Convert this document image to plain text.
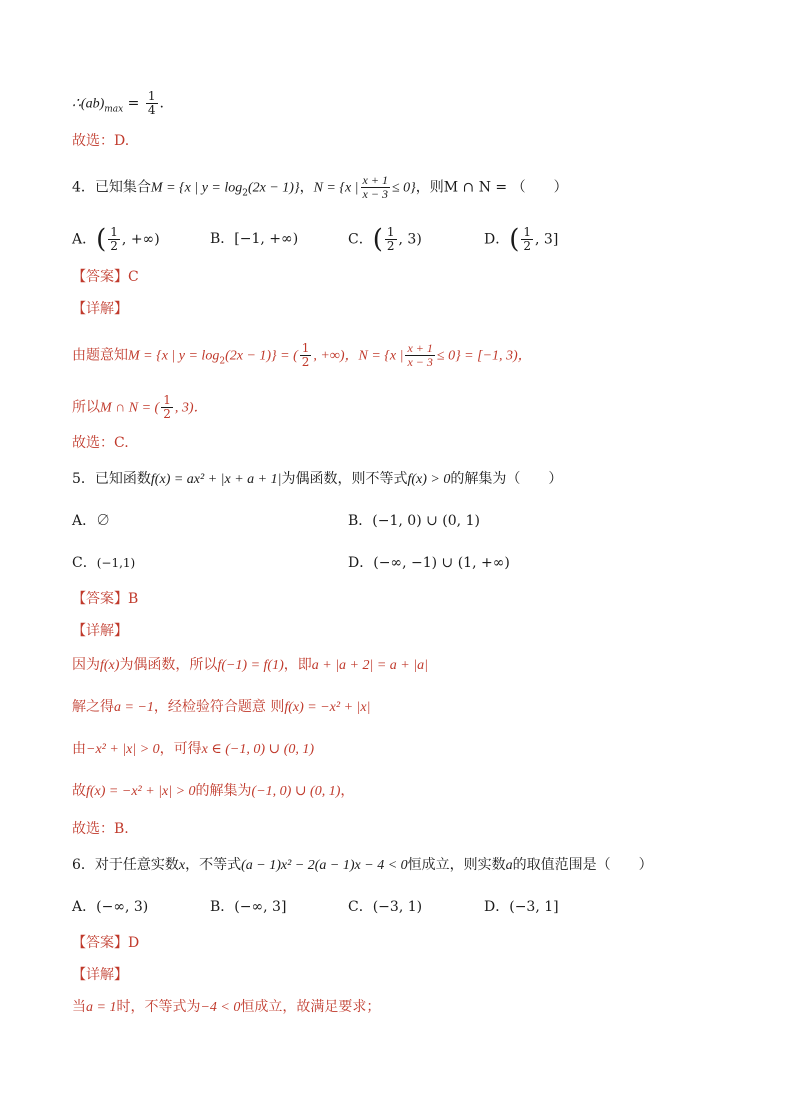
$\therefore(ab)_{max} = \frac{1}{4}$ .
故选：D.
4．已知集合M = {x | $y = \log_2(2x - 1)$}，N = {x | $\frac{x + 1}{x - 3} \le 0$}，则M ∩ N = （　　）
A．( $\frac{1}{2}$ , +∞)	B．[−1, +∞)	C．( $\frac{1}{2}$ , 3)	D．( $\frac{1}{2}$ , 3]
【答案】C
【详解】
由题意知M = {x | $y = \log_2(2x - 1)$} = ( $\frac{1}{2}$ , +∞)，N = {x | $\frac{x + 1}{x - 3} \le 0\} = [-1$, 3)，
所以M ∩ N = ( $\frac{1}{2}$ , 3)．
故选：C.
5．已知函数f(x) = ax² + |x + a + 1|为偶函数，则不等式f(x) > 0的解集为（　　）
A．∅	B．(−1, 0) ∪ (0, 1)
C．(−1,1)	D．(−∞, −1) ∪ (1, +∞)
【答案】B
【详解】
因为f(x)为偶函数，所以f(−1) = f(1)，即a + |a + 2| = a + |a|
解之得a = −1，经检验符合题意 则f(x) = −x² + |x|
由−x² + |x| > 0，可得x ∈ (−1, 0) ∪ (0, 1)
故f(x) = −x² + |x| > 0的解集为(−1, 0) ∪ (0, 1)，
故选：B.
6．对于任意实数x，不等式(a − 1)x² − 2(a − 1)x − 4 < 0恒成立，则实数a的取值范围是（　　）
A．(−∞, 3)	B．(−∞, 3]	C．(−3, 1)	D．(−3, 1]
【答案】D
【详解】
当a = 1时，不等式为−4 < 0恒成立，故满足要求；
